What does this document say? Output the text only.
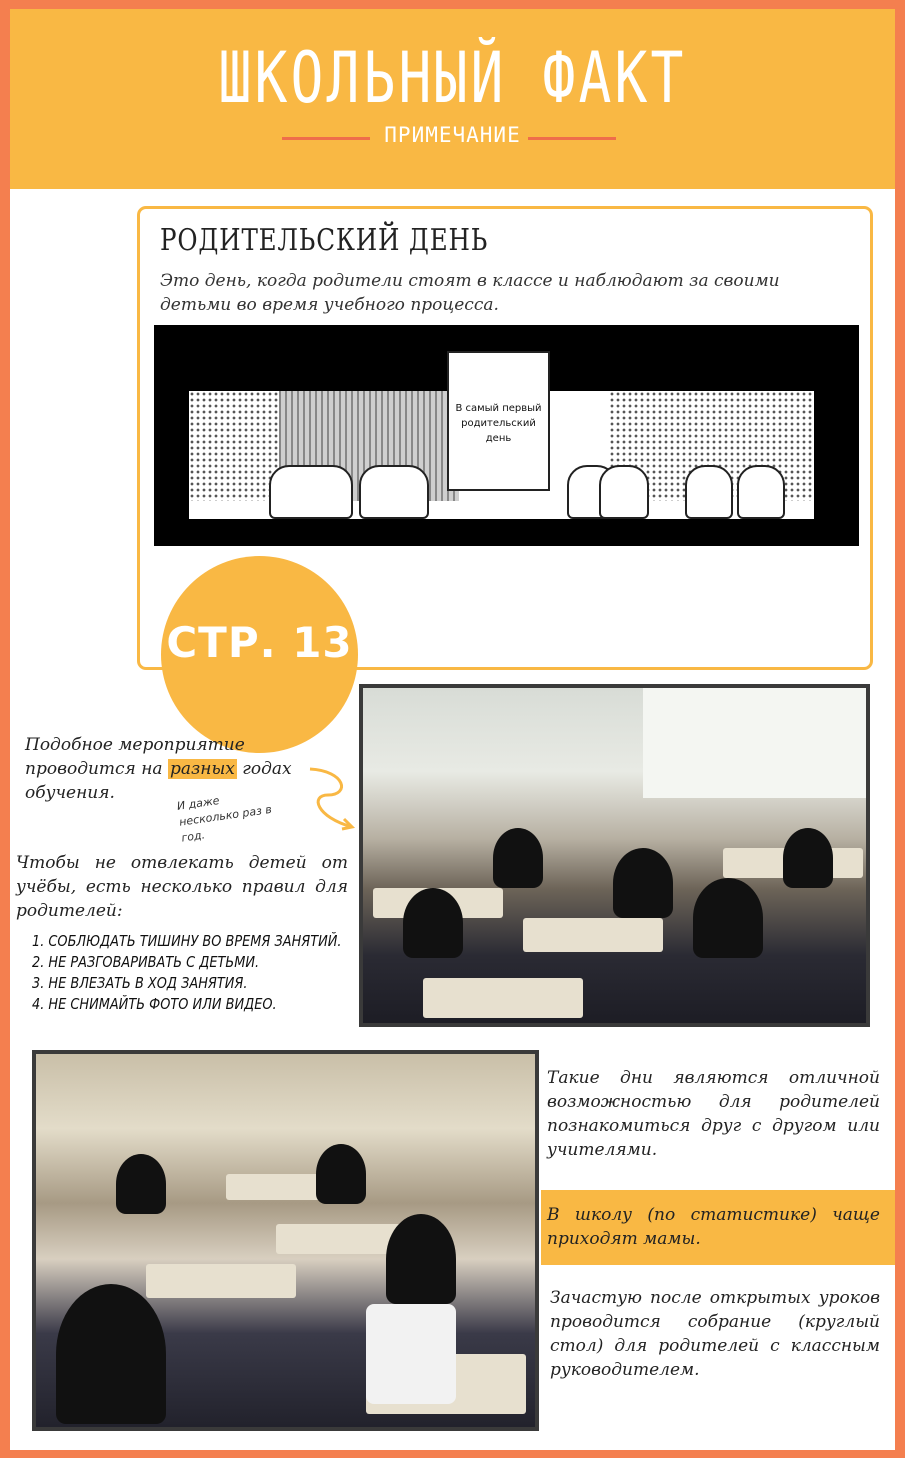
ШКОЛЬНЫЙ ФАКТ
ПРИМЕЧАНИЕ
РОДИТЕЛЬСКИЙ ДЕНЬ
Это день, когда родители стоят в классе и наблюдают за своими детьми во время учебного процесса.
В самый первый родительский день
СТР. 13
Подобное мероприятие проводится на разных годах обучения.
И даже несколько раз в год.
Чтобы не отвлекать детей от учёбы, есть несколько правил для родителей:
1. СОБЛЮДАТЬ ТИШИНУ ВО ВРЕМЯ ЗАНЯТИЙ.
2. НЕ РАЗГОВАРИВАТЬ С ДЕТЬМИ.
3. НЕ ВЛЕЗАТЬ В ХОД ЗАНЯТИЯ.
4. НЕ СНИМАЙТЬ ФОТО ИЛИ ВИДЕО.
Такие дни являются отличной возможностью для родителей познакомиться друг с другом или учителями.
В школу (по статистике) чаще приходят мамы.
Зачастую после открытых уроков проводится собрание (круглый стол) для родителей с классным руководителем.
